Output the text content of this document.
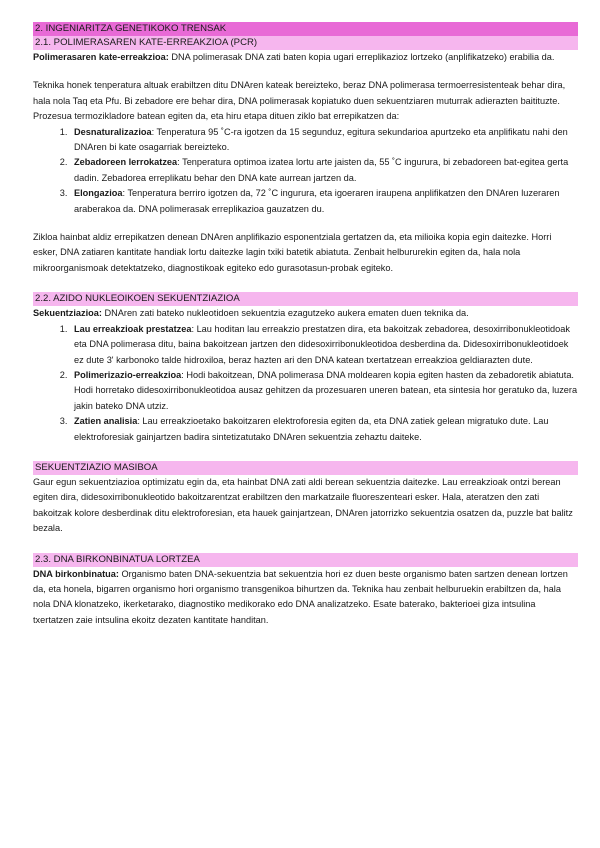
2. INGENIARITZA GENETIKOKO TRENSAK
2.1. POLIMERASAREN KATE-ERREAKZIOA (PCR)

Polimerasaren kate-erreakzioa: DNA polimerasak DNA zati baten kopia ugari erreplikazioz lortzeko (anplifikatzeko) erabilia da.

Teknika honek tenperatura altuak erabiltzen ditu DNAren kateak bereizteko, beraz DNA polimerasa termoerresistenteak behar dira, hala nola Taq eta Pfu. Bi zebadore ere behar dira, DNA polimerasak kopiatuko duen sekuentziaren muturrak adierazten baitituzte. Prozesua termozikladore batean egiten da, eta hiru etapa dituen ziklo bat errepikatzen da:

1. Desnaturalizazioa: Tenperatura 95 ˚C-ra igotzen da 15 segunduz, egitura sekundarioa apurtzeko eta anplifikatu nahi den DNAren bi kate osagarriak bereizteko.
2. Zebadoreen lerrokatzea: Tenperatura optimoa izatea lortu arte jaisten da, 55 ˚C ingurura, bi zebadoreen bat-egitea gerta dadin. Zebadorea erreplikatu behar den DNA kate aurrean jartzen da.
3. Elongazioa: Tenperatura berriro igotzen da, 72 ˚C ingurura, eta igoeraren iraupena anplifikatzen den DNAren luzeraren araberakoa da. DNA polimerasak erreplikazioa gauzatzen du.

Zikloa hainbat aldiz errepikatzen denean DNAren anplifikazio esponentziala gertatzen da, eta milioika kopia egin daitezke. Horri esker, DNA zatiaren kantitate handiak lortu daitezke lagin txiki batetik abiatuta. Zenbait helbururekin egiten da, hala nola mikroorganismoak detektatzeko, diagnostikoak egiteko edo gurasotasun-probak egiteko.

2.2. AZIDO NUKLEOIKOEN SEKUENTZIAZIOA

Sekuentziazioa: DNAren zati bateko nukleotidoen sekuentzia ezagutzeko aukera ematen duen teknika da.

1. Lau erreakzioak prestatzea: Lau hoditan lau erreakzio prestatzen dira, eta bakoitzak zebadorea, desoxirribonukleotidoak eta DNA polimerasa ditu, baina bakoitzean jartzen den didesoxirribonukleotidoa desberdina da. Didesoxirribonukleotidoek ez dute 3' karbonoko talde hidroxiloa, beraz hazten ari den DNA katean txertatzean erreakzioa geldiarazten dute.
2. Polimerizazio-erreakzioa: Hodi bakoitzean, DNA polimerasa DNA moldearen kopia egiten hasten da zebadoretik abiatuta. Hodi horretako didesoxirribonukleotidoa ausaz gehitzen da prozesuaren uneren batean, eta sintesia hor geratuko da, luzera jakin bateko DNA utziz.
3. Zatien analisia: Lau erreakzioetako bakoitzaren elektroforesia egiten da, eta DNA zatiek gelean migratuko dute. Lau elektroforesiak gainjartzen badira sintetizatutako DNAren sekuentzia zehaztu daiteke.
SEKUENTZIAZIO MASIBOA

Gaur egun sekuentziazioa optimizatu egin da, eta hainbat DNA zati aldi berean sekuentzia daitezke. Lau erreakzioak ontzi berean egiten dira, didesoxirribonukleotido bakoitzarentzat erabiltzen den markatzaile fluoreszenteari esker. Hala, ateratzen den zati bakoitzak kolore desberdinak ditu elektroforesian, eta hauek gainjartzean, DNAren jatorrizko sekuentzia osatzen da, puzzle bat balitz bezala.

2.3. DNA BIRKONBINATUA LORTZEA

DNA birkonbinatua: Organismo baten DNA-sekuentzia bat sekuentzia hori ez duen beste organismo baten sartzen denean lortzen da, eta honela, bigarren organismo hori organismo transgenikoa bihurtzen da. Teknika hau zenbait helburuekin erabiltzen da, hala nola DNA klonatzeko, ikerketarako, diagnostiko medikorako edo DNA analizatzeko. Esate baterako, bakterioei giza intsulina txertatzen zaie intsulina ekoitz dezaten kantitate handitan.
